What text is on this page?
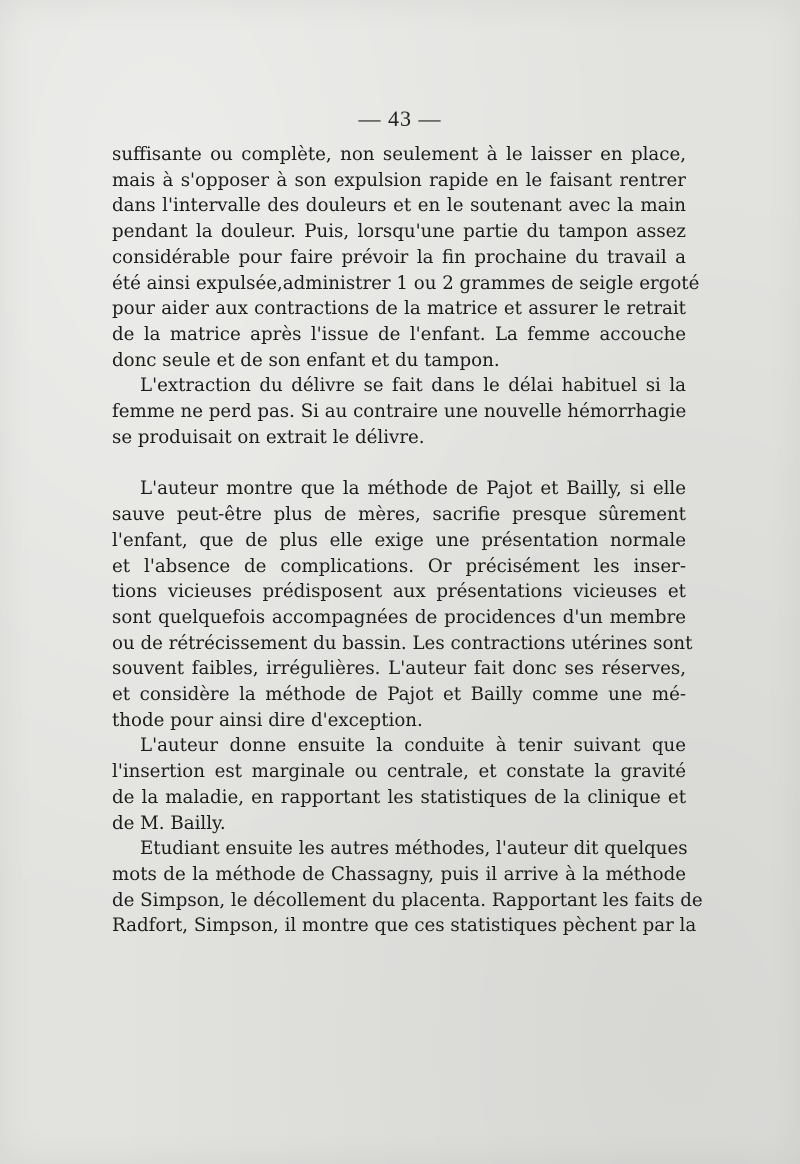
— 43 —
suffisante ou complète, non seulement à le laisser en place,
mais à s'opposer à son expulsion rapide en le faisant rentrer
dans l'intervalle des douleurs et en le soutenant avec la main
pendant la douleur. Puis, lorsqu'une partie du tampon assez
considérable pour faire prévoir la fin prochaine du travail a
été ainsi expulsée,administrer 1 ou 2 grammes de seigle ergoté
pour aider aux contractions de la matrice et assurer le retrait
de la matrice après l'issue de l'enfant. La femme accouche
donc seule et de son enfant et du tampon.
L'extraction du délivre se fait dans le délai habituel si la
femme ne perd pas. Si au contraire une nouvelle hémorrhagie
se produisait on extrait le délivre.
L'auteur montre que la méthode de Pajot et Bailly, si elle
sauve peut-être plus de mères, sacrifie presque sûrement
l'enfant, que de plus elle exige une présentation normale
et l'absence de complications. Or précisément les inser-
tions vicieuses prédisposent aux présentations vicieuses et
sont quelquefois accompagnées de procidences d'un membre
ou de rétrécissement du bassin. Les contractions utérines sont
souvent faibles, irrégulières. L'auteur fait donc ses réserves,
et considère la méthode de Pajot et Bailly comme une mé-
thode pour ainsi dire d'exception.
L'auteur donne ensuite la conduite à tenir suivant que
l'insertion est marginale ou centrale, et constate la gravité
de la maladie, en rapportant les statistiques de la clinique et
de M. Bailly.
Etudiant ensuite les autres méthodes, l'auteur dit quelques
mots de la méthode de Chassagny, puis il arrive à la méthode
de Simpson, le décollement du placenta. Rapportant les faits de
Radfort, Simpson, il montre que ces statistiques pèchent par la
